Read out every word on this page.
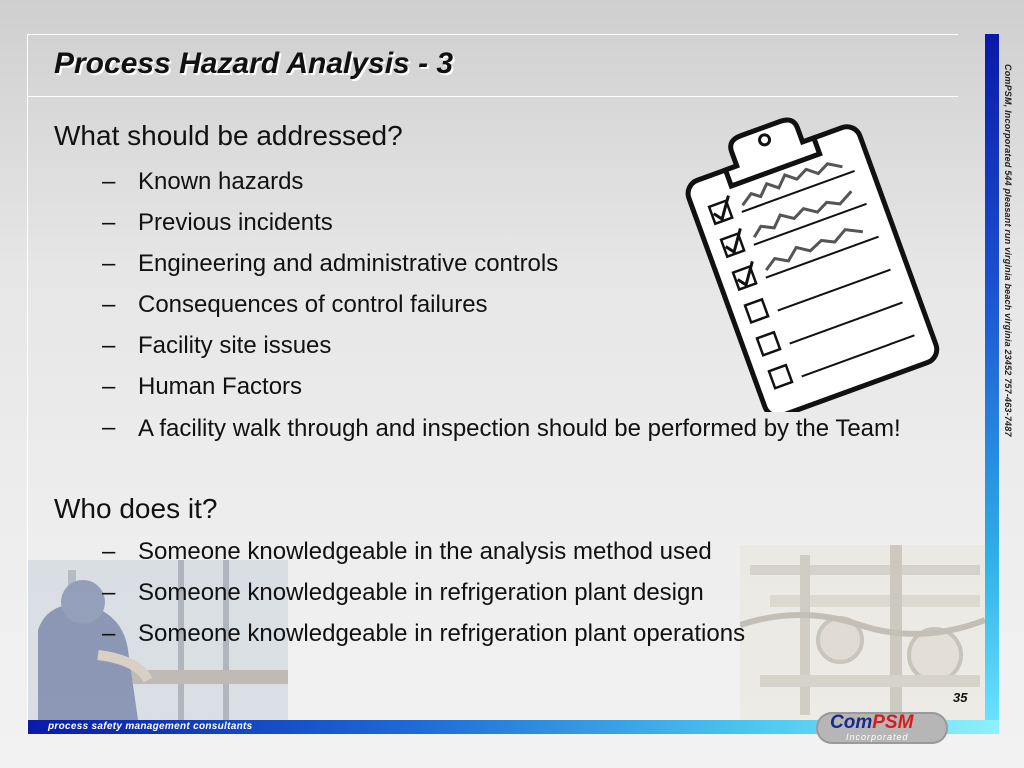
Process Hazard Analysis - 3
ComPSM, Incorporated 544 pleasant run virginia beach virginia 23452 757-463-7487
What should be addressed?
– Known hazards
– Previous incidents
– Engineering and administrative controls
– Consequences of control failures
– Facility site issues
– Human Factors
– A facility walk through and inspection should be performed by the Team!
Who does it?
– Someone knowledgeable in the analysis method used
– Someone knowledgeable in refrigeration plant design
– Someone knowledgeable in refrigeration plant operations
35
process safety management consultants	ComPSM
Incorporated
